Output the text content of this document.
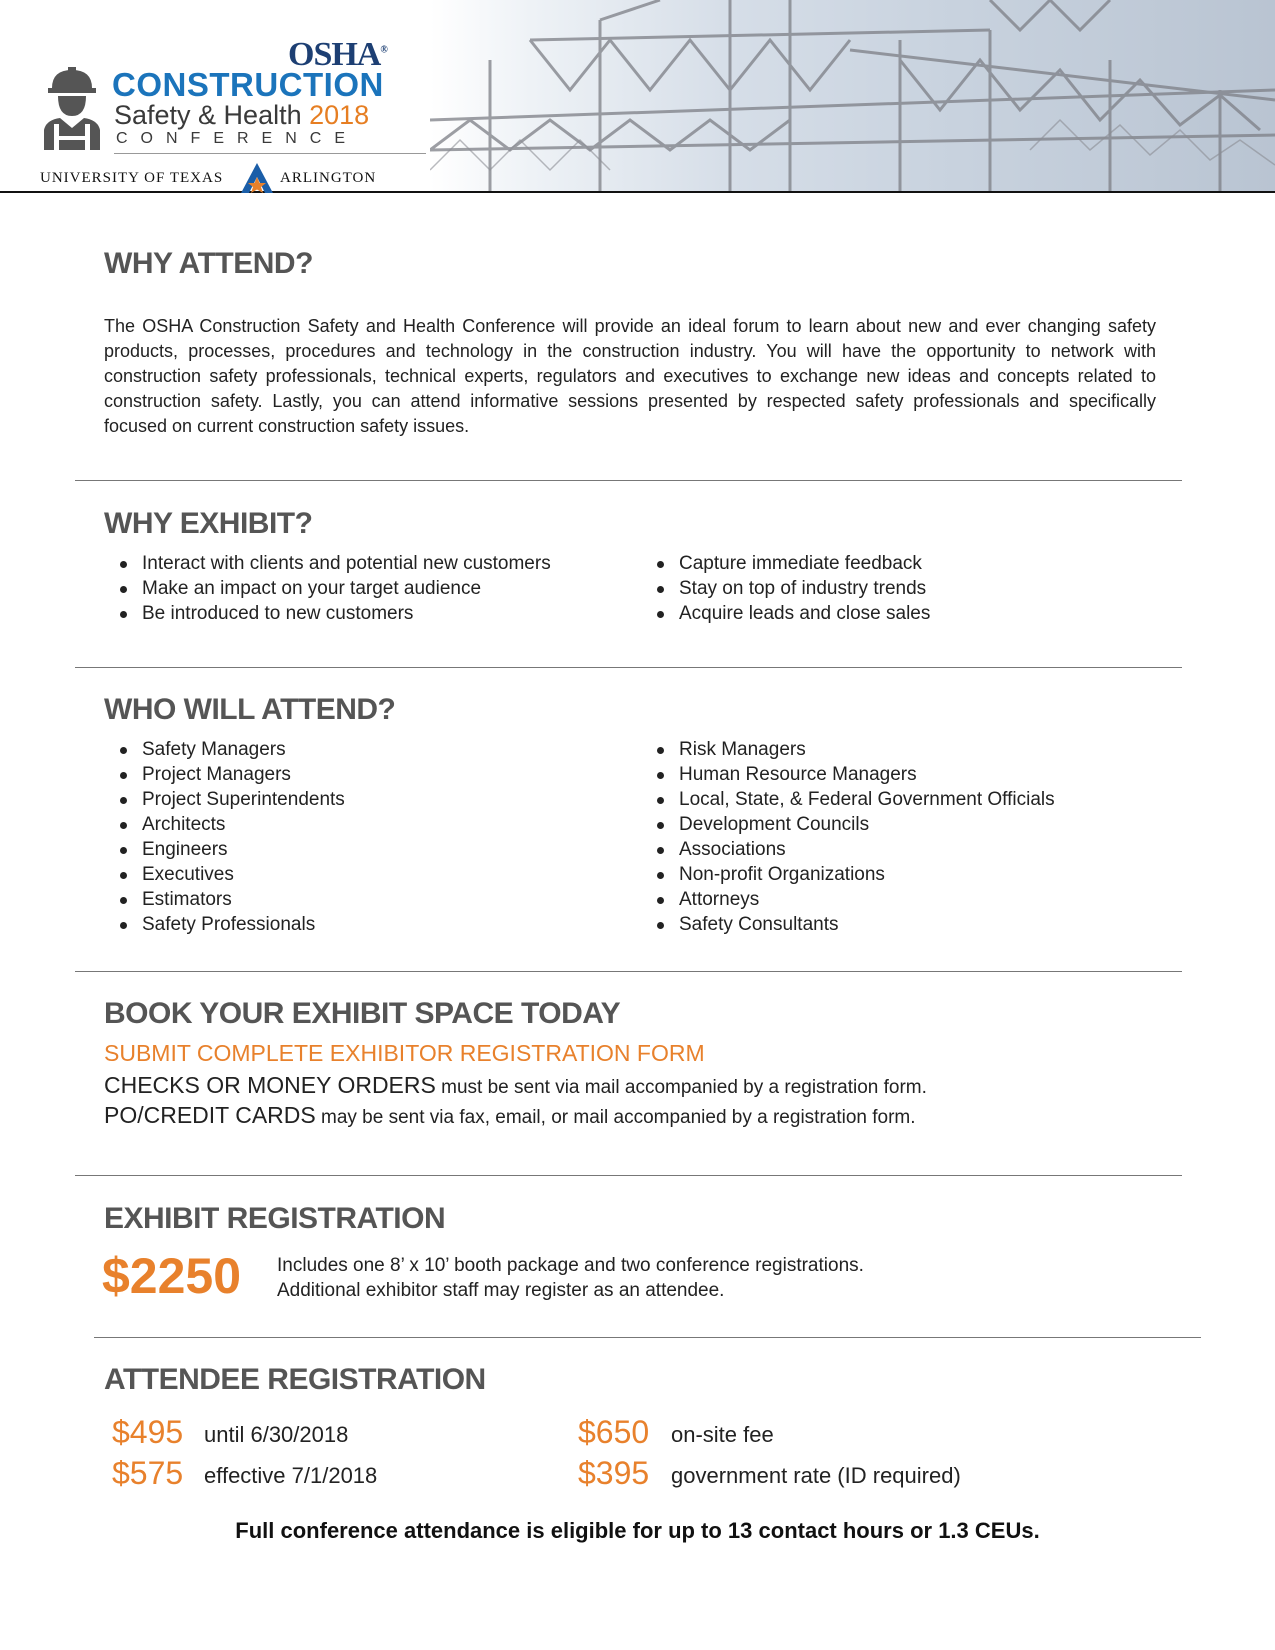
OSHA®
CONSTRUCTION
Safety & Health 2018
CONFERENCE
UNIVERSITY OF TEXAS	ARLINGTON
WHY ATTEND?
The OSHA Construction Safety and Health Conference will provide an ideal forum to learn about new and ever changing safety products, processes, procedures and technology in the construction industry. You will have the opportunity to network with construction safety professionals, technical experts, regulators and executives to exchange new ideas and concepts related to construction safety. Lastly, you can attend informative sessions presented by respected safety professionals and specifically focused on current construction safety issues.
WHY EXHIBIT?
Interact with clients and potential new customers
Make an impact on your target audience
Be introduced to new customers
Capture immediate feedback
Stay on top of industry trends
Acquire leads and close sales
WHO WILL ATTEND?
Safety Managers
Project Managers
Project Superintendents
Architects
Engineers
Executives
Estimators
Safety Professionals
Risk Managers
Human Resource Managers
Local, State, & Federal Government Officials
Development Councils
Associations
Non-profit Organizations
Attorneys
Safety Consultants
BOOK YOUR EXHIBIT SPACE TODAY
SUBMIT COMPLETE EXHIBITOR REGISTRATION FORM
CHECKS OR MONEY ORDERS must be sent via mail accompanied by a registration form.
PO/CREDIT CARDS may be sent via fax, email, or mail accompanied by a registration form.
EXHIBIT REGISTRATION
$2250 Includes one 8’ x 10’ booth package and two conference registrations.
Additional exhibitor staff may register as an attendee.
ATTENDEE REGISTRATION
$495 until 6/30/2018
$575 effective 7/1/2018
$650 on-site fee
$395 government rate (ID required)
Full conference attendance is eligible for up to 13 contact hours or 1.3 CEUs.
